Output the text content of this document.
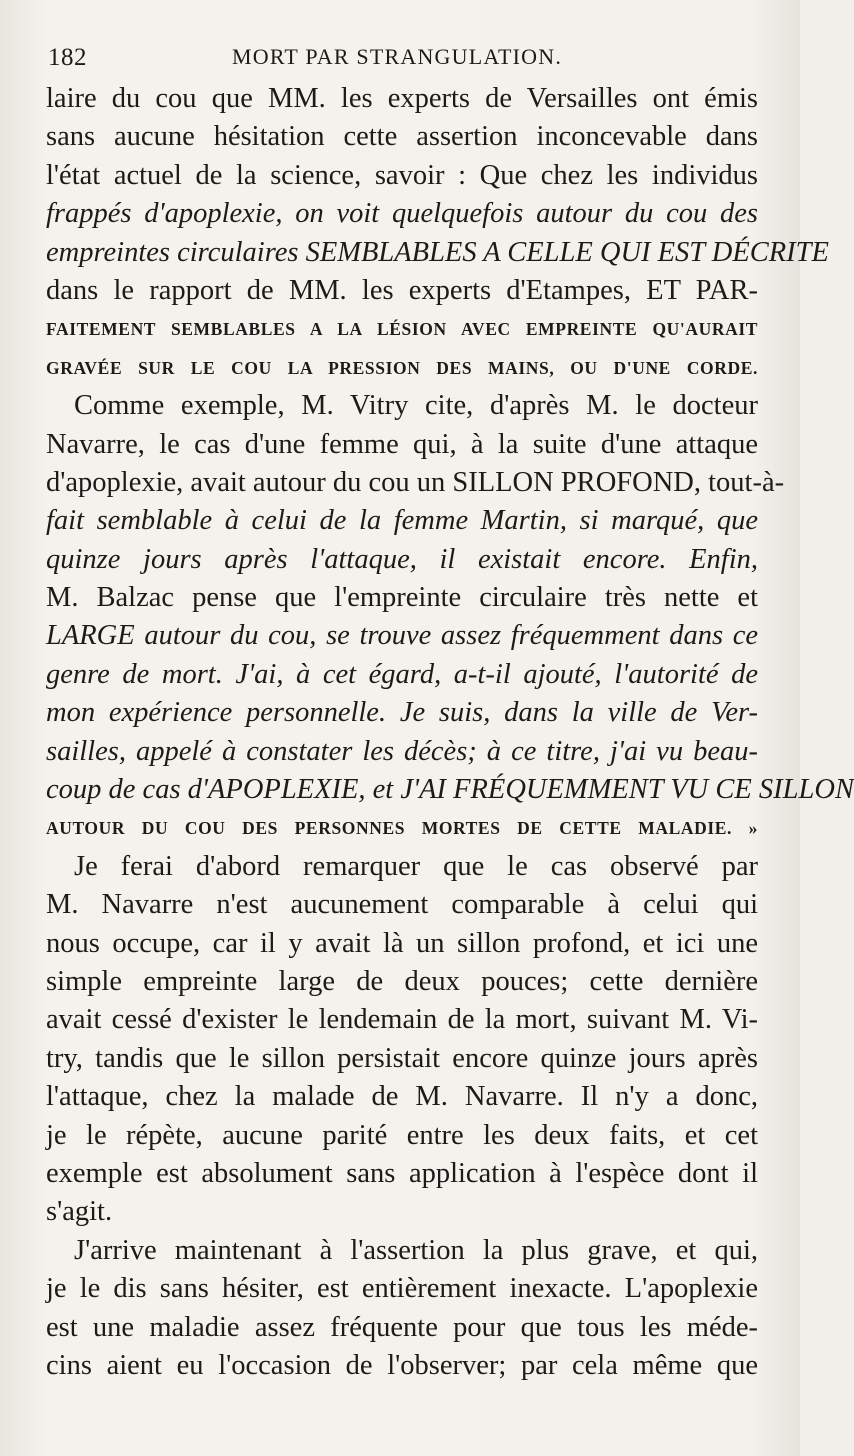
182	MORT PAR STRANGULATION.
laire du cou que MM. les experts de Versailles ont émis
sans aucune hésitation cette assertion inconcevable dans
l'état actuel de la science, savoir : Que chez les individus
frappés d'apoplexie, on voit quelquefois autour du cou des
empreintes circulaires SEMBLABLES A CELLE QUI EST DÉCRITE
dans le rapport de MM. les experts d'Etampes, ET PAR-
FAITEMENT SEMBLABLES A LA LÉSION AVEC EMPREINTE QU'AURAIT
GRAVÉE SUR LE COU LA PRESSION DES MAINS, OU D'UNE CORDE.
Comme exemple, M. Vitry cite, d'après M. le docteur
Navarre, le cas d'une femme qui, à la suite d'une attaque
d'apoplexie, avait autour du cou un SILLON PROFOND, tout-à-
fait semblable à celui de la femme Martin, si marqué, que
quinze jours après l'attaque, il existait encore. Enfin,
M. Balzac pense que l'empreinte circulaire très nette et
LARGE autour du cou, se trouve assez fréquemment dans ce
genre de mort. J'ai, à cet égard, a-t-il ajouté, l'autorité de
mon expérience personnelle. Je suis, dans la ville de Ver-
sailles, appelé à constater les décès; à ce titre, j'ai vu beau-
coup de cas d'APOPLEXIE, et J'AI FRÉQUEMMENT VU CE SILLON
AUTOUR DU COU DES PERSONNES MORTES DE CETTE MALADIE. »
Je ferai d'abord remarquer que le cas observé par
M. Navarre n'est aucunement comparable à celui qui
nous occupe, car il y avait là un sillon profond, et ici une
simple empreinte large de deux pouces; cette dernière
avait cessé d'exister le lendemain de la mort, suivant M. Vi-
try, tandis que le sillon persistait encore quinze jours après
l'attaque, chez la malade de M. Navarre. Il n'y a donc,
je le répète, aucune parité entre les deux faits, et cet
exemple est absolument sans application à l'espèce dont il
s'agit.
J'arrive maintenant à l'assertion la plus grave, et qui,
je le dis sans hésiter, est entièrement inexacte. L'apoplexie
est une maladie assez fréquente pour que tous les méde-
cins aient eu l'occasion de l'observer; par cela même que
